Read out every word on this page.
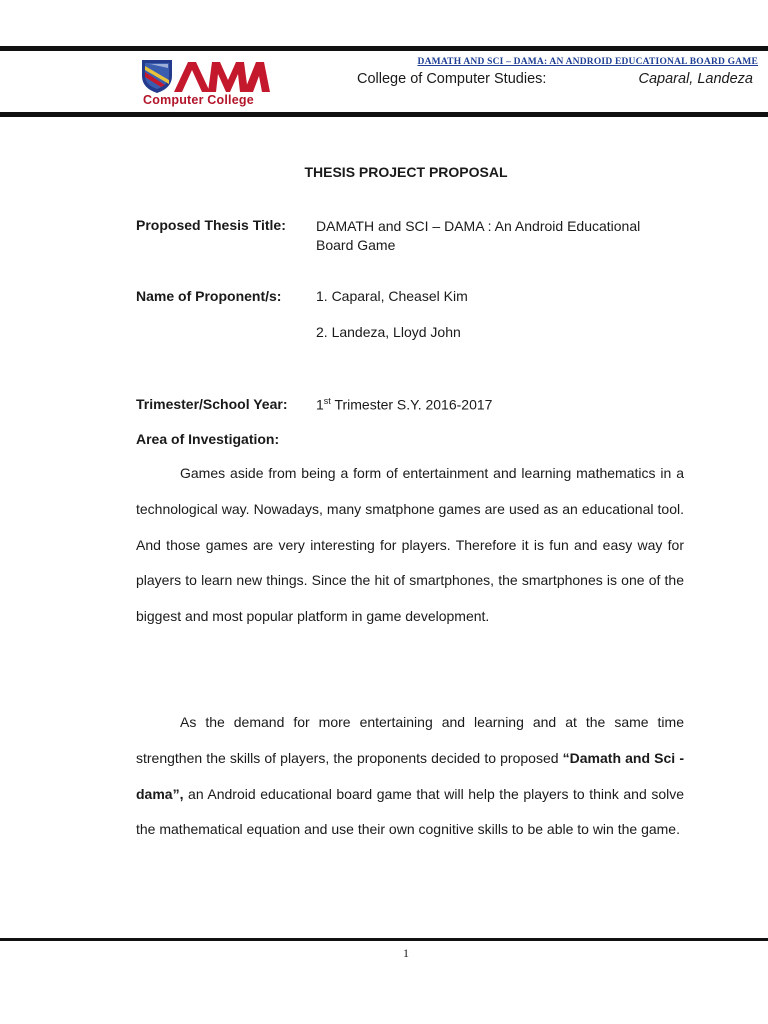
Computer College
DAMATH AND SCI – DAMA: AN ANDROID EDUCATIONAL BOARD GAME
College of Computer Studies:	Caparal, Landeza
THESIS PROJECT PROPOSAL
Proposed Thesis Title: DAMATH and SCI – DAMA : An Android Educational Board Game
Name of Proponent/s: 1. Caparal, Cheasel Kim
2. Landeza, Lloyd John
Trimester/School Year: 1st Trimester S.Y. 2016-2017
Area of Investigation:

Games aside from being a form of entertainment and learning mathematics in a technological way. Nowadays, many smatphone games are used as an educational tool. And those games are very interesting for players. Therefore it is fun and easy way for players to learn new things. Since the hit of smartphones, the smartphones is one of the biggest and most popular platform in game development.

As the demand for more entertaining and learning and at the same time strengthen the skills of players, the proponents decided to proposed “Damath and Sci - dama”, an Android educational board game that will help the players to think and solve the mathematical equation and use their own cognitive skills to be able to win the game.

1
